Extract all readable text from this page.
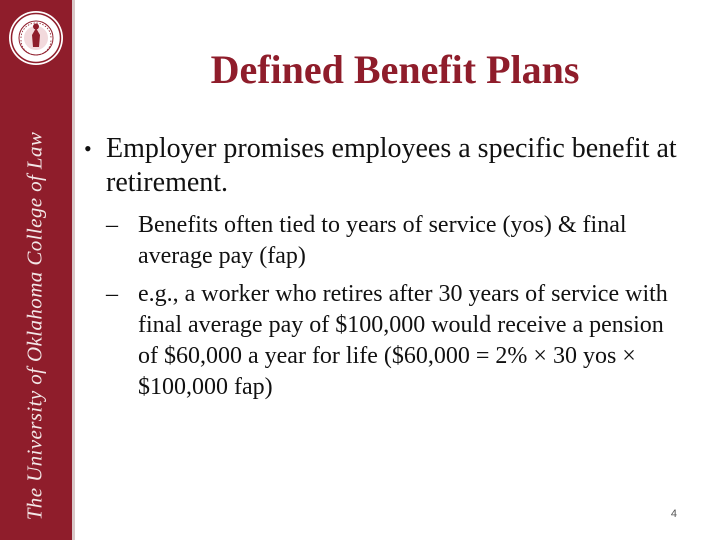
The University of Oklahoma College of Law
Defined Benefit Plans
• Employer promises employees a specific benefit at retirement.
– Benefits often tied to years of service (yos) & final average pay (fap)
– e.g., a worker who retires after 30 years of service with final average pay of $100,000 would receive a pension of $60,000 a year for life ($60,000 = 2% × 30 yos × $100,000 fap)
4
